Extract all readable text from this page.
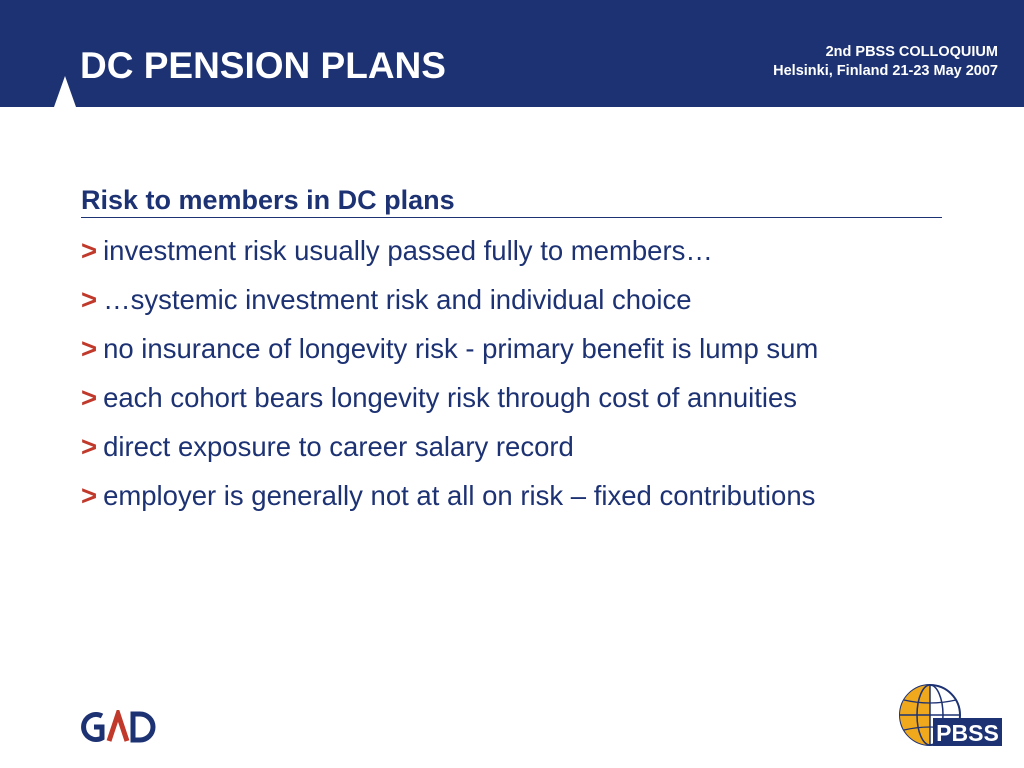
DC PENSION PLANS	2nd PBSS COLLOQUIUM
Helsinki, Finland 21-23 May 2007
Risk to members in DC plans
> investment risk usually passed fully to members…
> …systemic investment risk and individual choice
> no insurance of longevity risk - primary benefit is lump sum
> each cohort bears longevity risk through cost of annuities
> direct exposure to career salary record
> employer is generally not at all on risk – fixed contributions
PBSS
